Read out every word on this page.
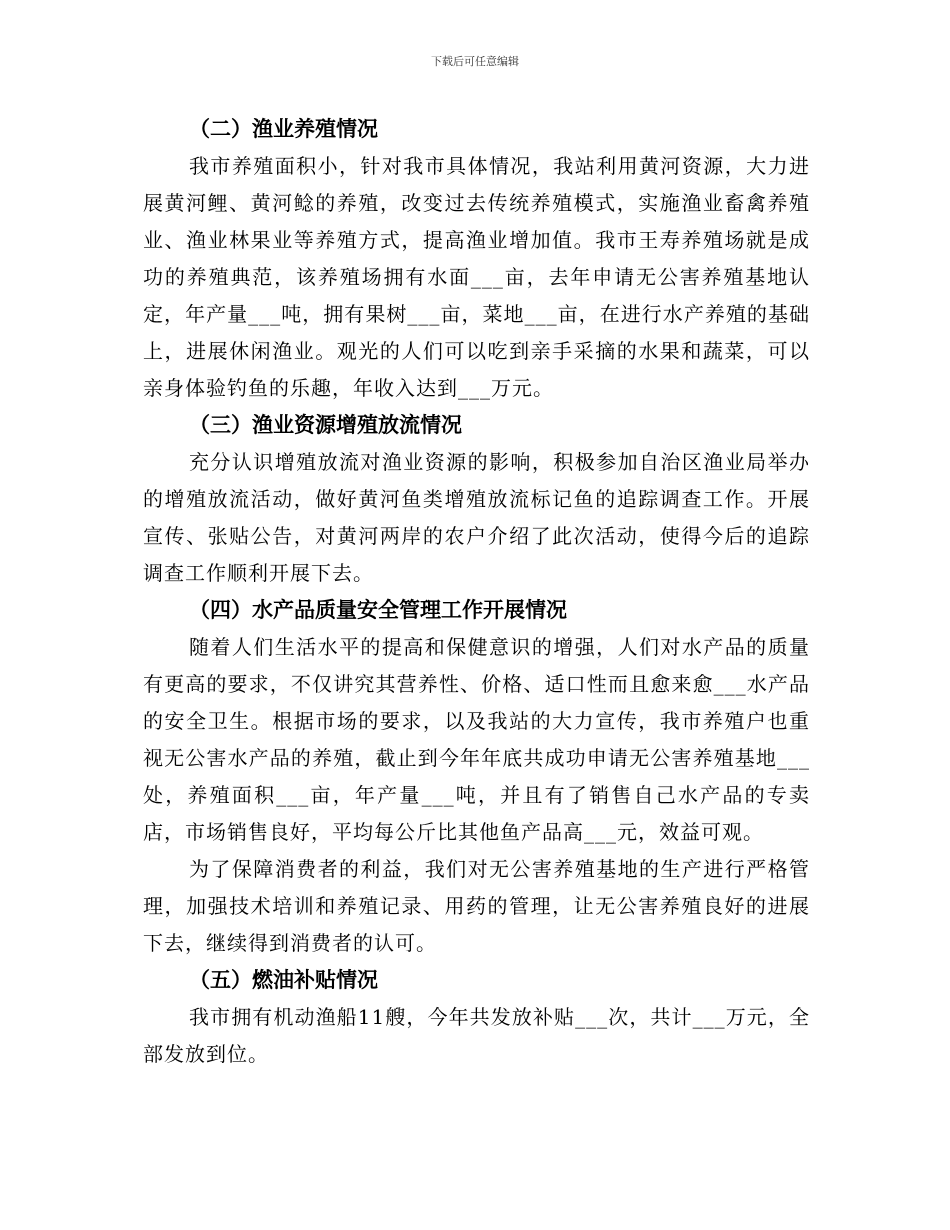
下载后可任意编辑
（二）渔业养殖情况

我市养殖面积小，针对我市具体情况，我站利用黄河资源，大力进展黄河鲤、黄河鲶的养殖，改变过去传统养殖模式，实施渔业畜禽养殖业、渔业林果业等养殖方式，提高渔业增加值。我市王寿养殖场就是成功的养殖典范，该养殖场拥有水面___亩，去年申请无公害养殖基地认定，年产量___吨，拥有果树___亩，菜地___亩，在进行水产养殖的基础上，进展休闲渔业。观光的人们可以吃到亲手采摘的水果和蔬菜，可以亲身体验钓鱼的乐趣，年收入达到___万元。

（三）渔业资源增殖放流情况

充分认识增殖放流对渔业资源的影响，积极参加自治区渔业局举办的增殖放流活动，做好黄河鱼类增殖放流标记鱼的追踪调查工作。开展宣传、张贴公告，对黄河两岸的农户介绍了此次活动，使得今后的追踪调查工作顺利开展下去。

（四）水产品质量安全管理工作开展情况

随着人们生活水平的提高和保健意识的增强，人们对水产品的质量有更高的要求，不仅讲究其营养性、价格、适口性而且愈来愈___水产品的安全卫生。根据市场的要求，以及我站的大力宣传，我市养殖户也重视无公害水产品的养殖，截止到今年年底共成功申请无公害养殖基地___处，养殖面积___亩，年产量___吨，并且有了销售自己水产品的专卖店，市场销售良好，平均每公斤比其他鱼产品高___元，效益可观。

为了保障消费者的利益，我们对无公害养殖基地的生产进行严格管理，加强技术培训和养殖记录、用药的管理，让无公害养殖良好的进展下去，继续得到消费者的认可。

（五）燃油补贴情况

我市拥有机动渔船11艘，今年共发放补贴___次，共计___万元，全部发放到位。
